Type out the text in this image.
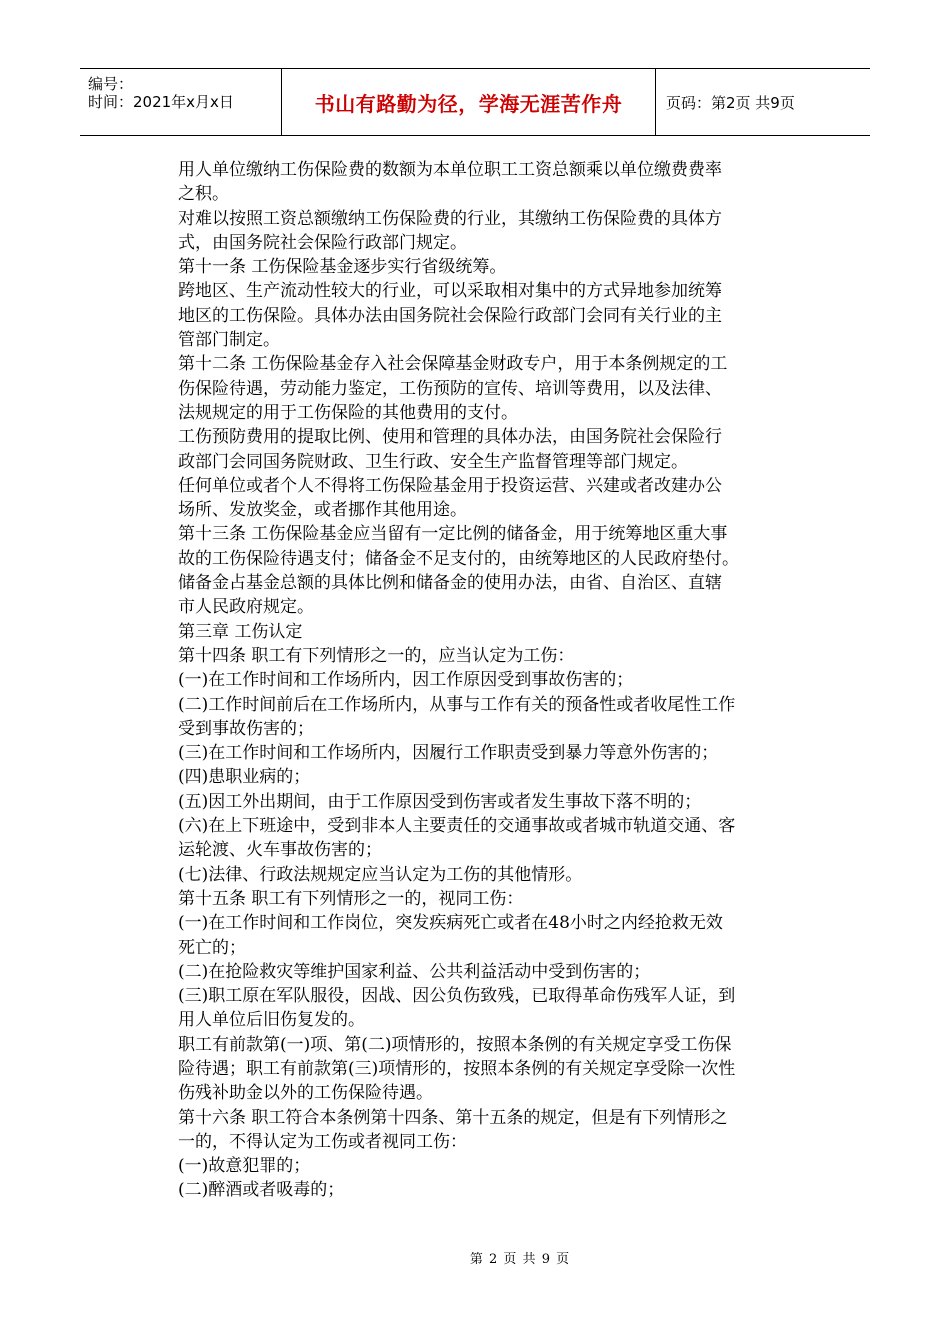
编号：
时间：2021年x月x日	书山有路勤为径，学海无涯苦作舟	页码：第2页 共9页

用人单位缴纳工伤保险费的数额为本单位职工工资总额乘以单位缴费费率
之积。

对难以按照工资总额缴纳工伤保险费的行业，其缴纳工伤保险费的具体方
式，由国务院社会保险行政部门规定。

第十一条 工伤保险基金逐步实行省级统筹。

跨地区、生产流动性较大的行业，可以采取相对集中的方式异地参加统筹
地区的工伤保险。具体办法由国务院社会保险行政部门会同有关行业的主
管部门制定。

第十二条 工伤保险基金存入社会保障基金财政专户，用于本条例规定的工
伤保险待遇，劳动能力鉴定，工伤预防的宣传、培训等费用，以及法律、
法规规定的用于工伤保险的其他费用的支付。

工伤预防费用的提取比例、使用和管理的具体办法，由国务院社会保险行
政部门会同国务院财政、卫生行政、安全生产监督管理等部门规定。

任何单位或者个人不得将工伤保险基金用于投资运营、兴建或者改建办公
场所、发放奖金，或者挪作其他用途。

第十三条 工伤保险基金应当留有一定比例的储备金，用于统筹地区重大事
故的工伤保险待遇支付；储备金不足支付的，由统筹地区的人民政府垫付。
储备金占基金总额的具体比例和储备金的使用办法，由省、自治区、直辖
市人民政府规定。

第三章 工伤认定

第十四条 职工有下列情形之一的，应当认定为工伤：

(一)在工作时间和工作场所内，因工作原因受到事故伤害的；

(二)工作时间前后在工作场所内，从事与工作有关的预备性或者收尾性工作
受到事故伤害的；

(三)在工作时间和工作场所内，因履行工作职责受到暴力等意外伤害的；

(四)患职业病的；

(五)因工外出期间，由于工作原因受到伤害或者发生事故下落不明的；

(六)在上下班途中，受到非本人主要责任的交通事故或者城市轨道交通、客
运轮渡、火车事故伤害的；

(七)法律、行政法规规定应当认定为工伤的其他情形。

第十五条 职工有下列情形之一的，视同工伤：

(一)在工作时间和工作岗位，突发疾病死亡或者在48小时之内经抢救无效
死亡的；

(二)在抢险救灾等维护国家利益、公共利益活动中受到伤害的；

(三)职工原在军队服役，因战、因公负伤致残，已取得革命伤残军人证，到
用人单位后旧伤复发的。

职工有前款第(一)项、第(二)项情形的，按照本条例的有关规定享受工伤保
险待遇；职工有前款第(三)项情形的，按照本条例的有关规定享受除一次性
伤残补助金以外的工伤保险待遇。

第十六条 职工符合本条例第十四条、第十五条的规定，但是有下列情形之
一的，不得认定为工伤或者视同工伤：

(一)故意犯罪的；

(二)醉酒或者吸毒的；

第 2 页 共 9 页
